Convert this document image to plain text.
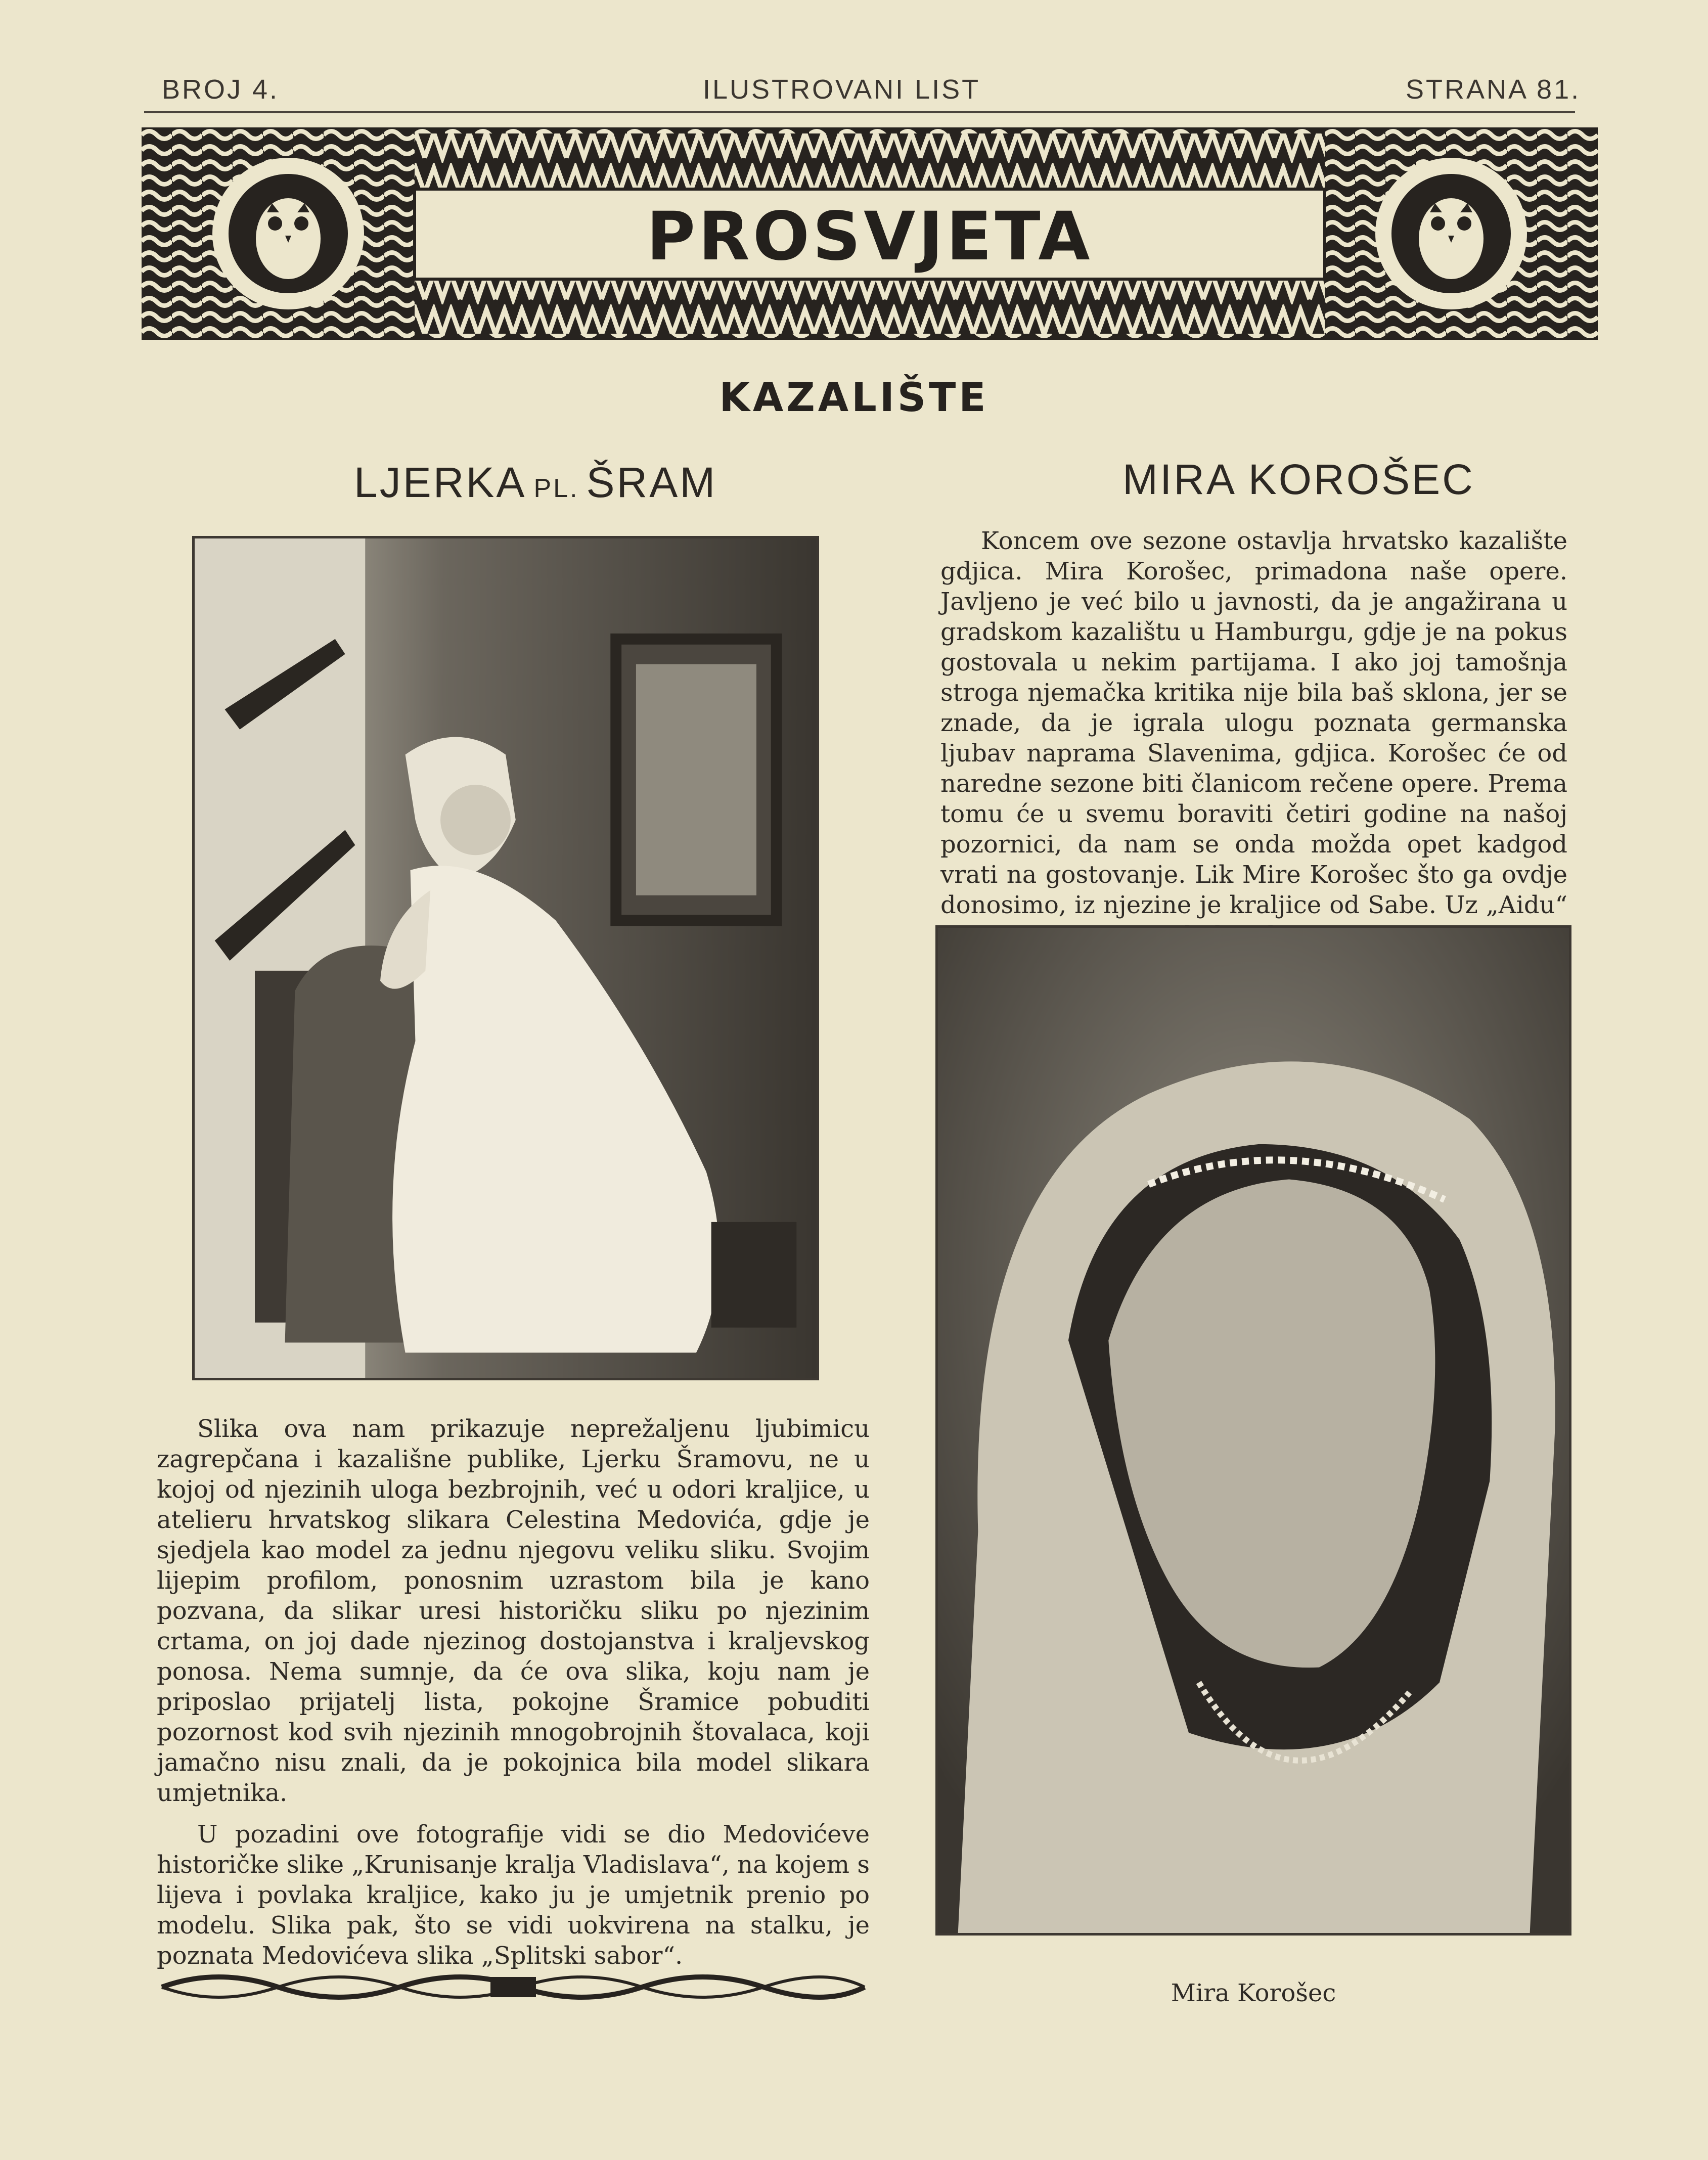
BROJ 4.	ILUSTROVANI LIST	STRANA 81.
PROSVJETA
KAZALIŠTE
LJERKA PL. ŠRAM	MIRA KOROŠEC

Koncem ove sezone ostavlja hrvatsko kazalište gdjica. Mira Korošec, primadona naše opere. Javljeno je već bilo u javnosti, da je angažirana u gradskom kazalištu u Hamburgu, gdje je na pokus gostovala u nekim partijama. I ako joj tamošnja stroga njemačka kritika nije bila baš sklona, jer se znade, da je igrala ulogu poznata germanska ljubav naprama Slavenima, gdjica. Korošec će od naredne sezone biti članicom rečene opere. Prema tomu će u svemu boraviti četiri godine na našoj pozornici, da nam se onda možda opet kadgod vrati na gostovanje. Lik Mire Korošec što ga ovdje donosimo, iz njezine je kraljice od Sabe. Uz „Aidu“

Slika ova nam prikazuje neprežaljenu ljubimicu zagrepčana i kazališne publike, Ljerku Šramovu, ne u kojoj od njezinih uloga bezbrojnih, već u odori kraljice, u atelieru hrvatskog slikara Celestina Medovića, gdje je sjedjela kao model za jednu njegovu veliku sliku. Svojim lijepim profilom, ponosnim uzrastom bila je kano pozvana, da slikar uresi historičku sliku po njezinim crtama, on joj dade njezinog dostojanstva i kraljevskog ponosa. Nema sumnje, da će ova slika, koju nam je priposlao prijatelj lista, pokojne Šramice pobuditi pozornost kod svih njezinih mnogobrojnih štovalaca, koji jamačno nisu znali, da je pokojnica bila model slikara umjetnika.

U pozadini ove fotografije vidi se dio Medovićeve historičke slike „Krunisanje kralja Vladislava“, na kojem s lijeva i povlaka kraljice, kako ju je umjetnik prenio po modelu. Slika pak, što se vidi uokvirena na stalku, je poznata Medovićeva slika „Splitski sabor“.

Mira Korošec
